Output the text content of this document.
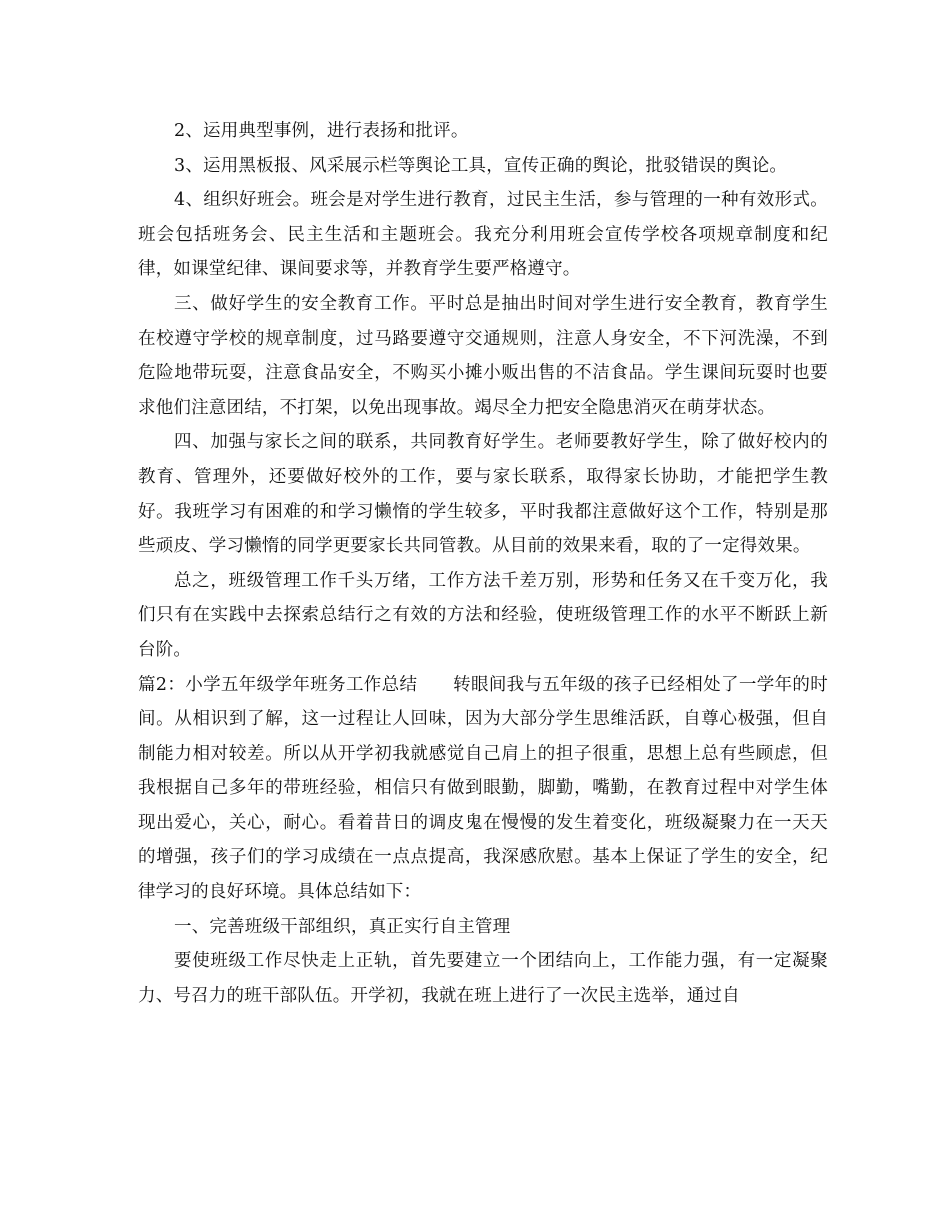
2、运用典型事例，进行表扬和批评。

3、运用黑板报、风采展示栏等舆论工具，宣传正确的舆论，批驳错误的舆论。

4、组织好班会。班会是对学生进行教育，过民主生活，参与管理的一种有效形式。班会包括班务会、民主生活和主题班会。我充分利用班会宣传学校各项规章制度和纪律，如课堂纪律、课间要求等，并教育学生要严格遵守。

三、做好学生的安全教育工作。平时总是抽出时间对学生进行安全教育，教育学生在校遵守学校的规章制度，过马路要遵守交通规则，注意人身安全，不下河洗澡，不到危险地带玩耍，注意食品安全，不购买小摊小贩出售的不洁食品。学生课间玩耍时也要求他们注意团结，不打架，以免出现事故。竭尽全力把安全隐患消灭在萌芽状态。

四、加强与家长之间的联系，共同教育好学生。老师要教好学生，除了做好校内的教育、管理外，还要做好校外的工作，要与家长联系，取得家长协助，才能把学生教好。我班学习有困难的和学习懒惰的学生较多，平时我都注意做好这个工作，特别是那些顽皮、学习懒惰的同学更要家长共同管教。从目前的效果来看，取的了一定得效果。

总之，班级管理工作千头万绪，工作方法千差万别，形势和任务又在千变万化，我们只有在实践中去探索总结行之有效的方法和经验，使班级管理工作的水平不断跃上新台阶。

篇2：小学五年级学年班务工作总结　　转眼间我与五年级的孩子已经相处了一学年的时间。从相识到了解，这一过程让人回味，因为大部分学生思维活跃，自尊心极强，但自制能力相对较差。所以从开学初我就感觉自己肩上的担子很重，思想上总有些顾虑，但我根据自己多年的带班经验，相信只有做到眼勤，脚勤，嘴勤，在教育过程中对学生体现出爱心，关心，耐心。看着昔日的调皮鬼在慢慢的发生着变化，班级凝聚力在一天天的增强，孩子们的学习成绩在一点点提高，我深感欣慰。基本上保证了学生的安全，纪律学习的良好环境。具体总结如下：

一、完善班级干部组织，真正实行自主管理

要使班级工作尽快走上正轨，首先要建立一个团结向上，工作能力强，有一定凝聚力、号召力的班干部队伍。开学初，我就在班上进行了一次民主选举，通过自
